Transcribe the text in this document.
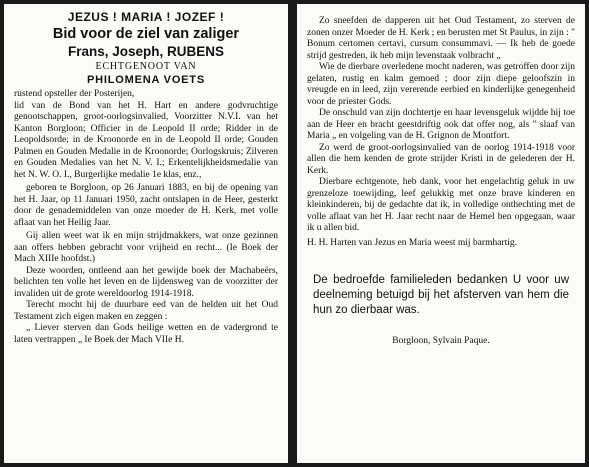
JEZUS ! MARIA ! JOZEF !
Bid voor de ziel van zaliger
Frans, Joseph, RUBENS
ECHTGENOOT VAN
PHILOMENA VOETS

rustend opsteller der Posterijen,

lid van de Bond van het H. Hart en andere godvruchtige genootschappen, groot-oorlogsinvalied, Voorzitter N.V.I. van het Kanton Borgloon; Officier in de Leopold II orde; Ridder in de Leopoldsorde; in de Kroonorde en in de Leopold II orde; Gouden Palmen en Gouden Medalie in de Kroonorde; Oorlogskruis; Zilveren en Gouden Medalies van het N. V. I.; Erkentelijkheidsmedalie van het N. W. O. I., Burgerlijke medalie 1e klas, enz.,

geboren te Borgloon, op 26 Januari 1883, en bij de opening van het H. Jaar, op 11 Januari 1950, zacht ontslapen in de Heer, gesterkt door de genademiddelen van onze moeder de H. Kerk, met volle aflaat van het Heilig Jaar.

Gij allen weet wat ik en mijn strijdmakkers, wat onze gezinnen aan offers hebben gebracht voor vrijheid en recht... (Ie Boek der Mach XIIIe hoofdst.)

Deze woorden, ontleend aan het gewijde boek der Machabeërs, belichten ten volle het leven en de lijdensweg van de voorzitter der invaliden uit de grote wereldoorlog 1914-1918.

Terecht mocht hij de duurbare eed van de helden uit het Oud Testament zich eigen maken en zeggen :

„ Liever sterven dan Gods heilige wetten en de vadergrond te laten vertrappen „ Ie Boek der Mach VIIe H.

Zo sneefden de dapperen uit het Oud Testament, zo sterven de zonen onzer Moeder de H. Kerk ; en berusten met St Paulus, in zijn : " Bonum certomen certavi, cursum consummavi. — Ik heb de goede strijd gestreden, ik heb mijn levenstaak volbracht „

Wie de dierbare overledene mocht naderen, was getroffen door zijn gelaten, rustig en kalm gemoed ; door zijn diepe geloofszin in vreugde en in leed, zijn vererende eerbied en kinderlijke genegenheid voor de priester Gods.

De onschuld van zijn dochtertje en haar levensgeluk wijdde hij toe aan de Heer en bracht geestdriftig ook dat offer nog, als " slaaf van Maria „ en volgeling van de H. Grignon de Montfort.

Zo werd de groot-oorlogsinvalied van de oorlog 1914-1918 voor allen die hem kenden de grote strijder Kristi in de gelederen der H. Kerk.

Dierbare echtgenote, heb dank, voor het engelachtig geluk in uw grenzeloze toewijding, leef gelukkig met onze brave kinderen en kleinkinderen, bij de gedachte dat ik, in volledige onthechting met de volle aflaat van het H. Jaar recht naar de Hemel ben opgegaan, waar ik u allen bid.

H. H. Harten van Jezus en Maria weest mij barmhartig.

De bedroefde familieleden bedanken U voor uw deelneming betuigd bij het afsterven van hem die hun zo dierbaar was.

Borgloon, Sylvain Paque.
